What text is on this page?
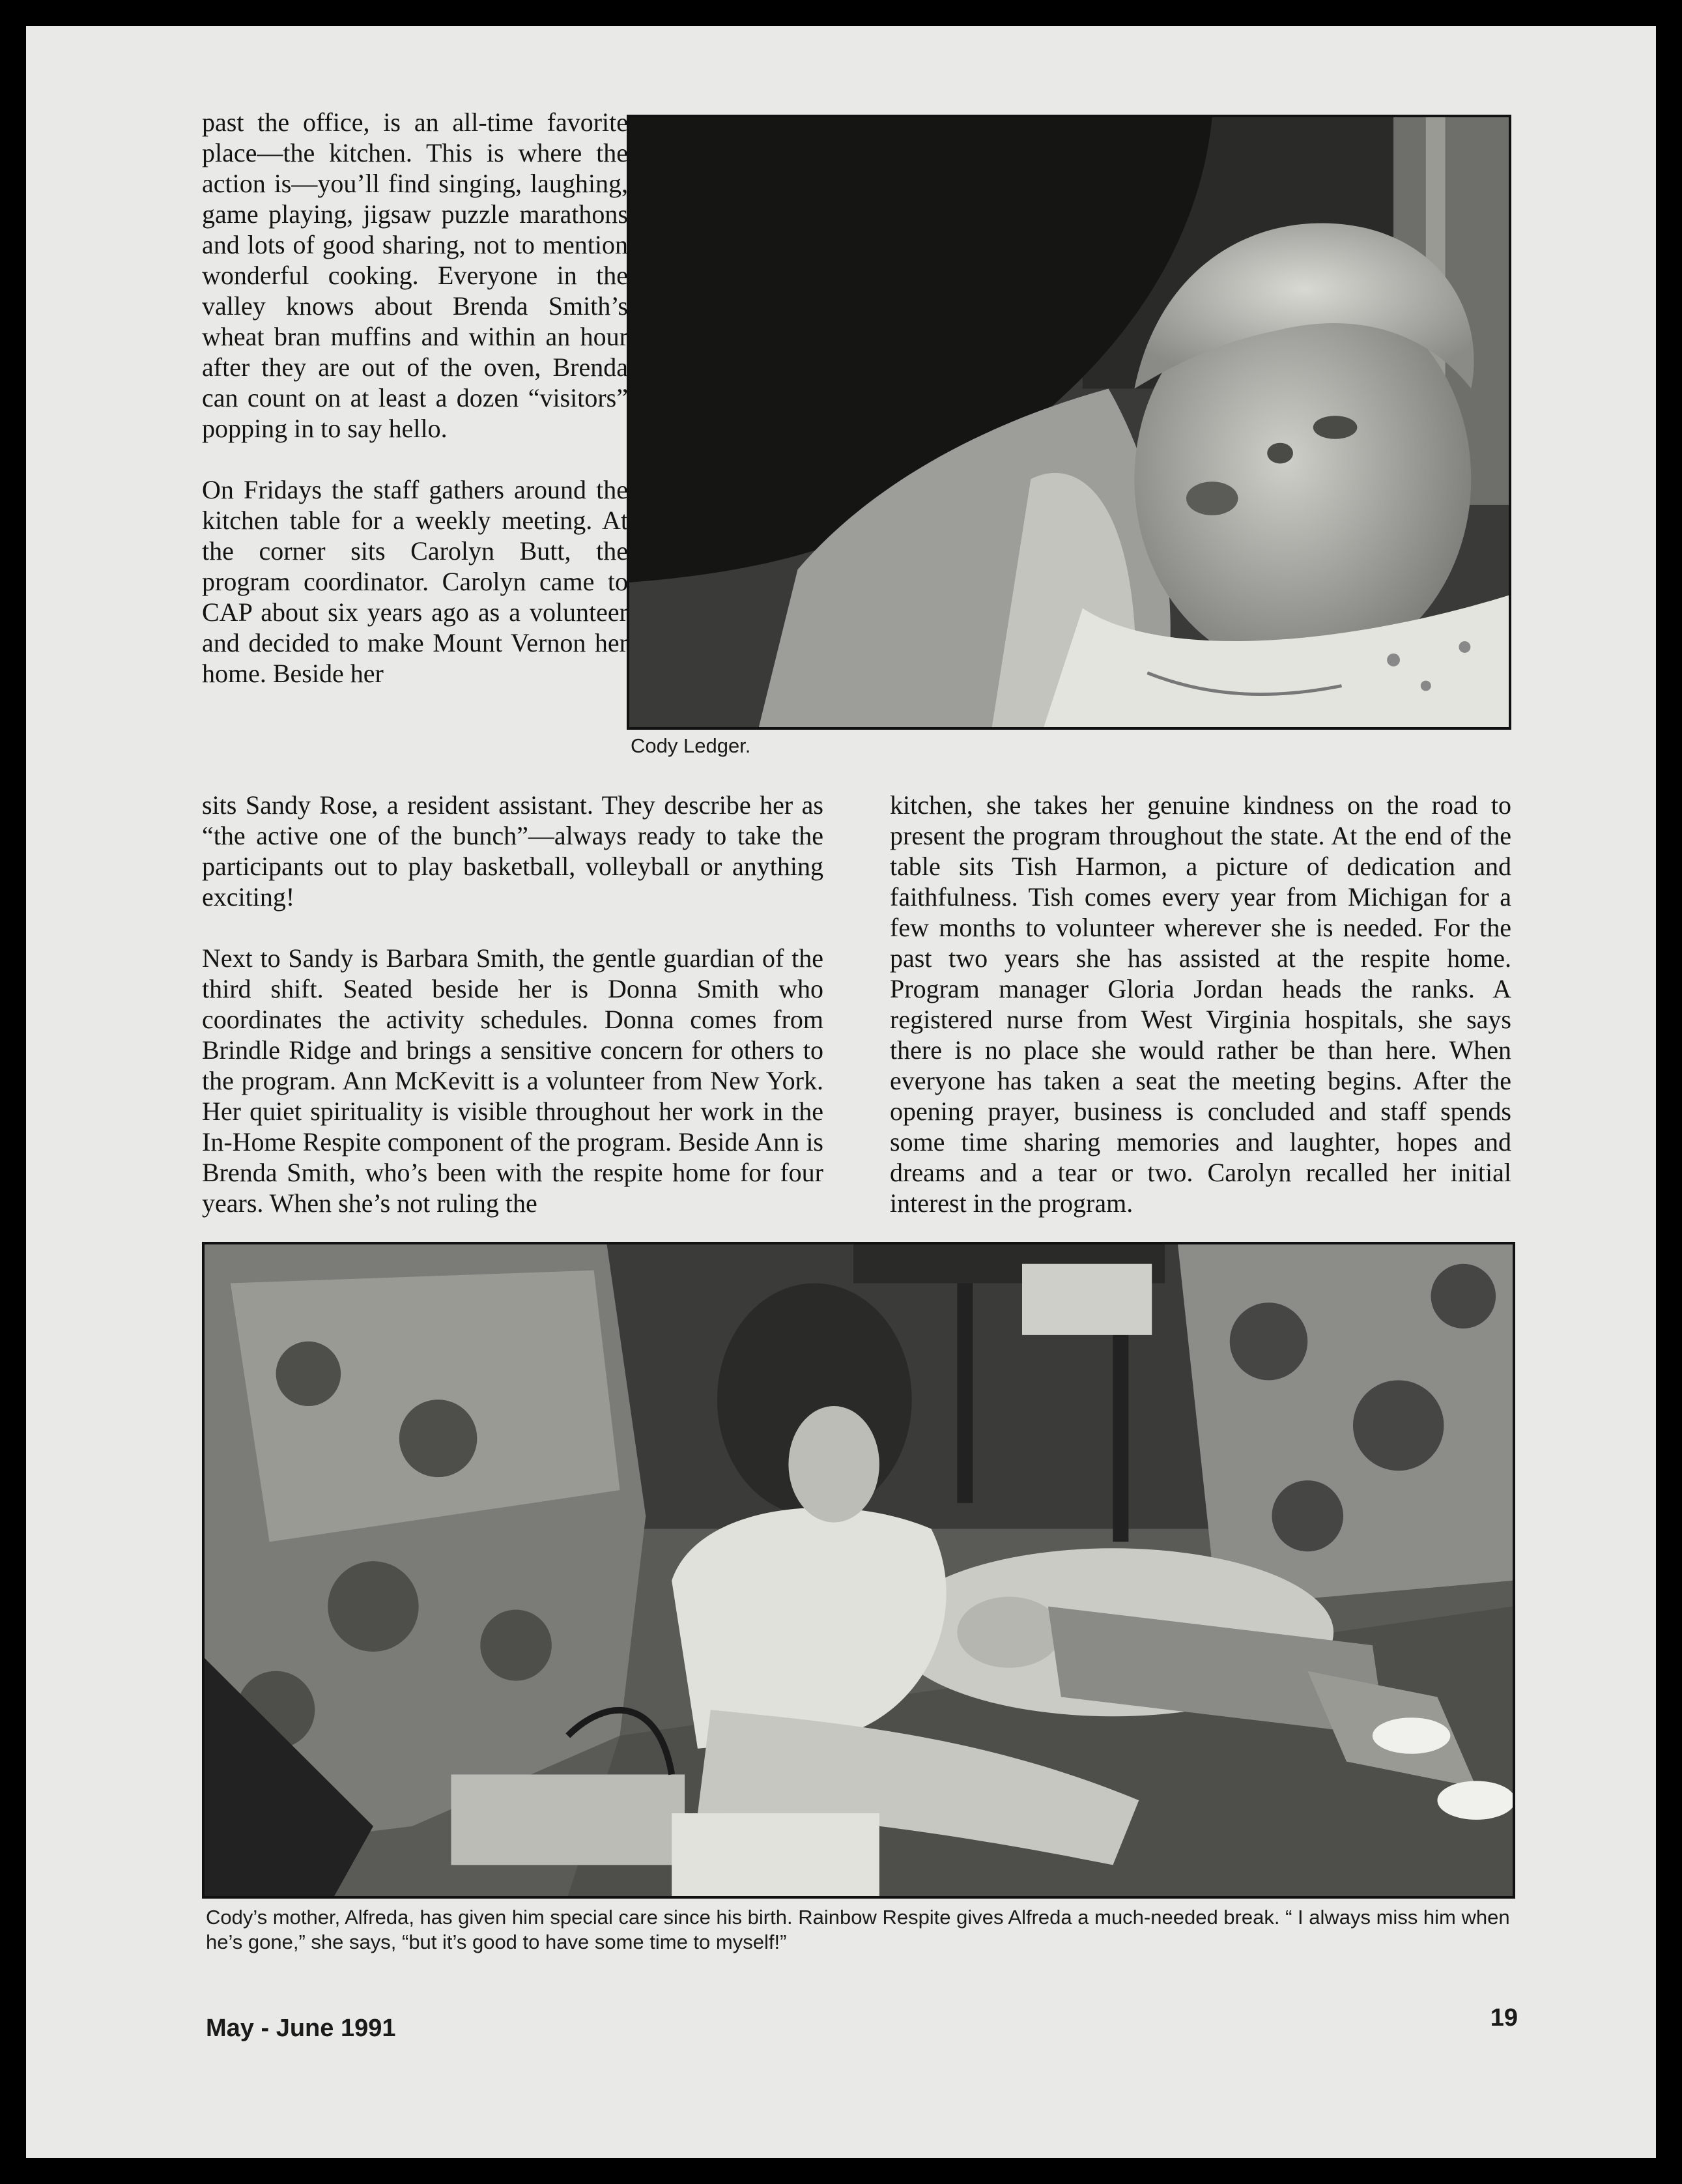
past the office, is an all-time favorite place—the kitchen. This is where the action is—you’ll find singing, laughing, game playing, jigsaw puzzle marathons and lots of good sharing, not to mention wonderful cooking. Everyone in the valley knows about Brenda Smith’s wheat bran muffins and within an hour after they are out of the oven, Brenda can count on at least a dozen “visitors” popping in to say hello.

On Fridays the staff gathers around the kitchen table for a weekly meeting. At the corner sits Carolyn Butt, the program coordinator. Carolyn came to CAP about six years ago as a volunteer and decided to make Mount Vernon her home. Beside her

Cody Ledger.

sits Sandy Rose, a resident assistant. They describe her as “the active one of the bunch”—always ready to take the participants out to play basketball, volleyball or anything exciting!

Next to Sandy is Barbara Smith, the gentle guardian of the third shift. Seated beside her is Donna Smith who coordinates the activity schedules. Donna comes from Brindle Ridge and brings a sensitive concern for others to the program. Ann McKevitt is a volunteer from New York. Her quiet spirituality is visible throughout her work in the In-Home Respite component of the program. Beside Ann is Brenda Smith, who’s been with the respite home for four years. When she’s not ruling the

kitchen, she takes her genuine kindness on the road to present the program throughout the state. At the end of the table sits Tish Harmon, a picture of dedication and faithfulness. Tish comes every year from Michigan for a few months to volunteer wherever she is needed. For the past two years she has assisted at the respite home. Program manager Gloria Jordan heads the ranks. A registered nurse from West Virginia hospitals, she says there is no place she would rather be than here. When everyone has taken a seat the meeting begins. After the opening prayer, business is concluded and staff spends some time sharing memories and laughter, hopes and dreams and a tear or two. Carolyn recalled her initial interest in the program.

Cody’s mother, Alfreda, has given him special care since his birth. Rainbow Respite gives Alfreda a much-needed break. “ I always miss him when he’s gone,” she says, “but it’s good to have some time to myself!”

May - June 1991	19
